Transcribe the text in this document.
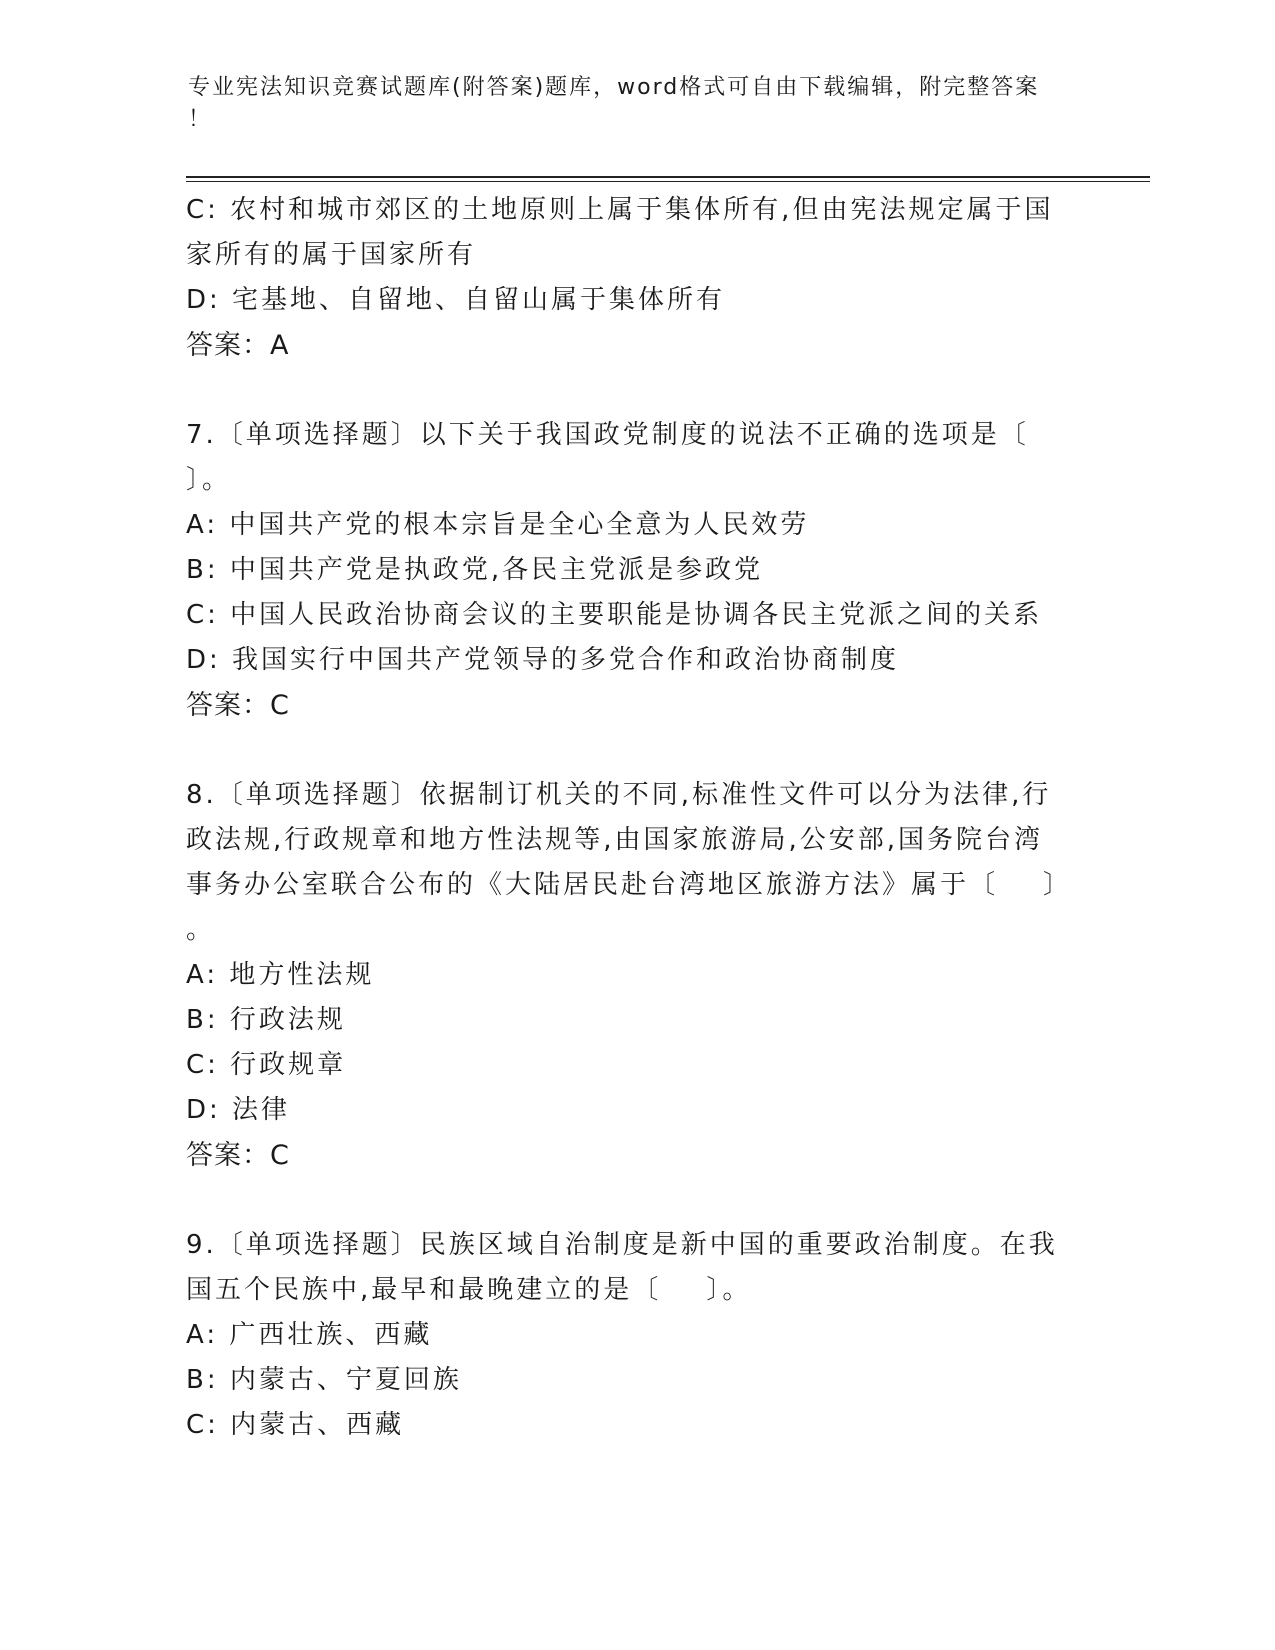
专业宪法知识竞赛试题库(附答案)题库，word格式可自由下载编辑，附完整答案

！

C: 农村和城市郊区的土地原则上属于集体所有,但由宪法规定属于国

家所有的属于国家所有

D: 宅基地、自留地、自留山属于集体所有

答案：A

7.〔单项选择题〕以下关于我国政党制度的说法不正确的选项是〔

〕。

A: 中国共产党的根本宗旨是全心全意为人民效劳

B: 中国共产党是执政党,各民主党派是参政党

C: 中国人民政治协商会议的主要职能是协调各民主党派之间的关系

D: 我国实行中国共产党领导的多党合作和政治协商制度

答案：C

8.〔单项选择题〕依据制订机关的不同,标准性文件可以分为法律,行

政法规,行政规章和地方性法规等,由国家旅游局,公安部,国务院台湾

事务办公室联合公布的《大陆居民赴台湾地区旅游方法》属于〔    〕

。

A: 地方性法规

B: 行政法规

C: 行政规章

D: 法律

答案：C

9.〔单项选择题〕民族区域自治制度是新中国的重要政治制度。在我

国五个民族中,最早和最晚建立的是〔    〕。

A: 广西壮族、西藏

B: 内蒙古、宁夏回族

C: 内蒙古、西藏
